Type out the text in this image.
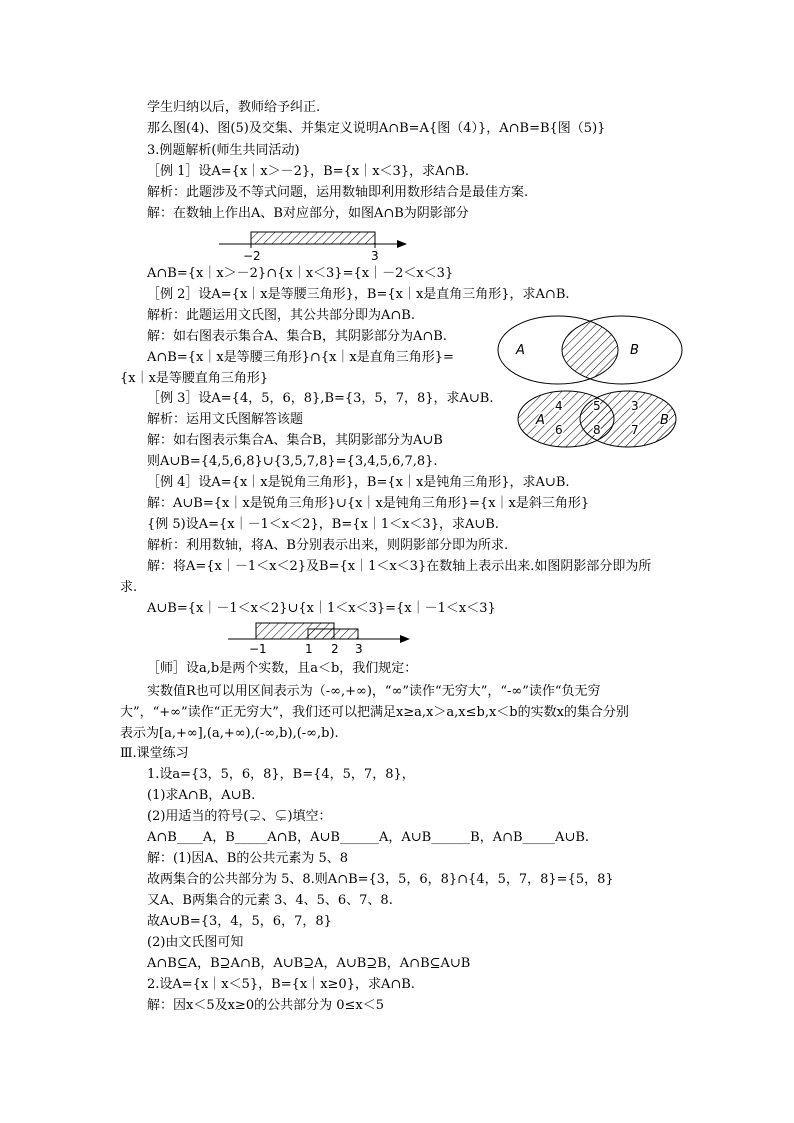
学生归纳以后，教师给予纠正.
那么图(4)、图(5)及交集、并集定义说明A∩B=A{图（4）}，A∩B=B{图（5)}
3.例题解析(师生共同活动)
［例 1］设A={x｜x＞－2}，B={x｜x＜3}，求A∩B.
解析：此题涉及不等式问题，运用数轴即利用数形结合是最佳方案.
解：在数轴上作出A、B对应部分，如图A∩B为阴影部分
−2	3
A∩B={x｜x＞－2}∩{x｜x＜3}={x｜－2＜x＜3}
［例 2］设A={x｜x是等腰三角形}，B={x｜x是直角三角形}，求A∩B.
解析：此题运用文氏图，其公共部分即为A∩B.
解：如右图表示集合A、集合B，其阴影部分为A∩B.
A∩B={x｜x是等腰三角形}∩{x｜x是直角三角形}=
{x｜x是等腰直角三角形}
A	B
［例 3］设A={4，5，6，8},B={3，5，7，8}，求A∪B.
解析：运用文氏图解答该题
解：如右图表示集合A、集合B，其阴影部分为A∪B
则A∪B={4,5,6,8}∪{3,5,7,8}={3,4,5,6,7,8}.
A	B
4
6
5
8
3
7
［例 4］设A={x｜x是锐角三角形}，B={x｜x是钝角三角形}，求A∪B.
解：A∪B={x｜x是锐角三角形}∪{x｜x是钝角三角形}={x｜x是斜三角形}
{例 5)设A={x｜－1＜x＜2}，B={x｜1＜x＜3}，求A∪B.
解析：利用数轴，将A、B分别表示出来，则阴影部分即为所求.
解：将A={x｜－1＜x＜2}及B={x｜1＜x＜3}在数轴上表示出来.如图阴影部分即为所
求.
A∪B={x｜－1＜x＜2}∪{x｜1＜x＜3}={x｜－1＜x＜3}
−1	1 2 3
［师］设a,b是两个实数，且a＜b，我们规定：
实数值R也可以用区间表示为（-∞,+∞)，“∞”读作“无穷大”，“-∞”读作“负无穷
大”，“+∞”读作“正无穷大”，我们还可以把满足x≥a,x＞a,x≤b,x＜b的实数x的集合分别
表示为[a,+∞],(a,+∞),(-∞,b),(-∞,b).
Ⅲ.课堂练习
1.设a={3，5，6，8}，B={4，5，7，8}，
(1)求A∩B，A∪B.
(2)用适当的符号(⊋、⊊)填空：
A∩B____A，B_____A∩B，A∪B______A，A∪B______B，A∩B_____A∪B.
解：(1)因A、B的公共元素为 5、8
故两集合的公共部分为 5、8.则A∩B={3，5，6，8}∩{4，5，7，8}={5，8}
又A、B两集合的元素 3、4、5、6、7、8.
故A∪B={3，4，5，6，7，8}
(2)由文氏图可知
A∩B⊆A，B⊇A∩B，A∪B⊇A，A∪B⊇B，A∩B⊆A∪B
2.设A={x｜x＜5}，B={x｜x≥0}，求A∩B.
解：因x＜5及x≥0的公共部分为 0≤x＜5
